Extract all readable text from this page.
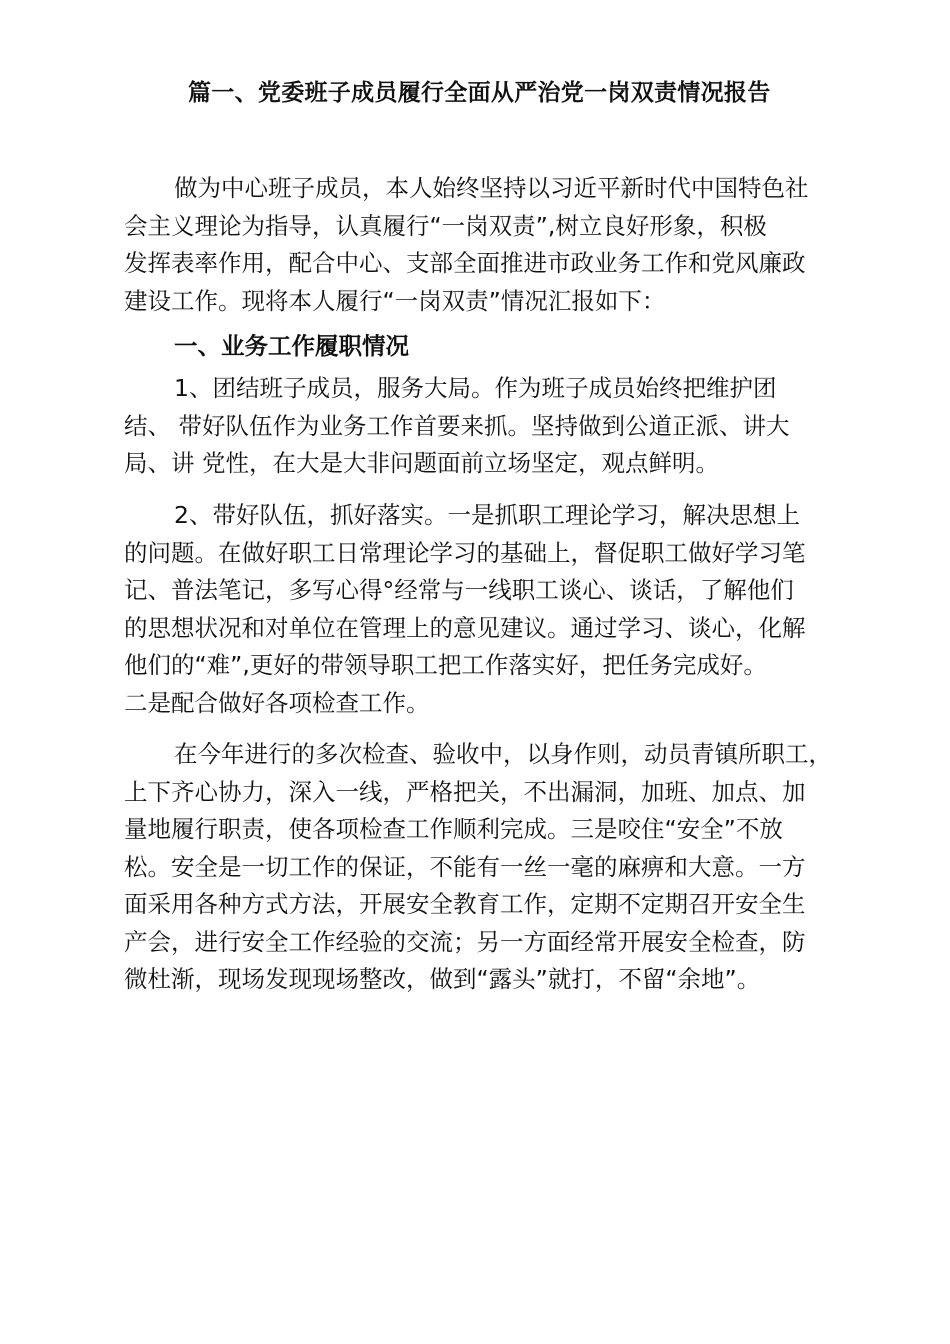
篇一、党委班子成员履行全面从严治党一岗双责情况报告
做为中心班子成员，本人始终坚持以习近平新时代中国特色社
会主义理论为指导，认真履行“一岗双责”,树立良好形象，积极
发挥表率作用，配合中心、支部全面推进市政业务工作和党风廉政
建设工作。现将本人履行“一岗双责”情况汇报如下：
一、业务工作履职情况
1、团结班子成员，服务大局。作为班子成员始终把维护团
结、 带好队伍作为业务工作首要来抓。坚持做到公道正派、讲大
局、讲 党性，在大是大非问题面前立场坚定，观点鲜明。
2、带好队伍，抓好落实。一是抓职工理论学习，解决思想上
的问题。在做好职工日常理论学习的基础上，督促职工做好学习笔
记、普法笔记，多写心得°经常与一线职工谈心、谈话，了解他们
的思想状况和对单位在管理上的意见建议。通过学习、谈心，化解
他们的“难”,更好的带领导职工把工作落实好，把任务完成好。
二是配合做好各项检查工作。
在今年进行的多次检查、验收中，以身作则，动员青镇所职工，
上下齐心协力，深入一线，严格把关，不出漏洞，加班、加点、加
量地履行职责，使各项检查工作顺利完成。三是咬住“安全”不放
松。安全是一切工作的保证，不能有一丝一毫的麻痹和大意。一方
面采用各种方式方法，开展安全教育工作，定期不定期召开安全生
产会，进行安全工作经验的交流；另一方面经常开展安全检查，防
微杜渐，现场发现现场整改，做到“露头”就打，不留“余地”。
